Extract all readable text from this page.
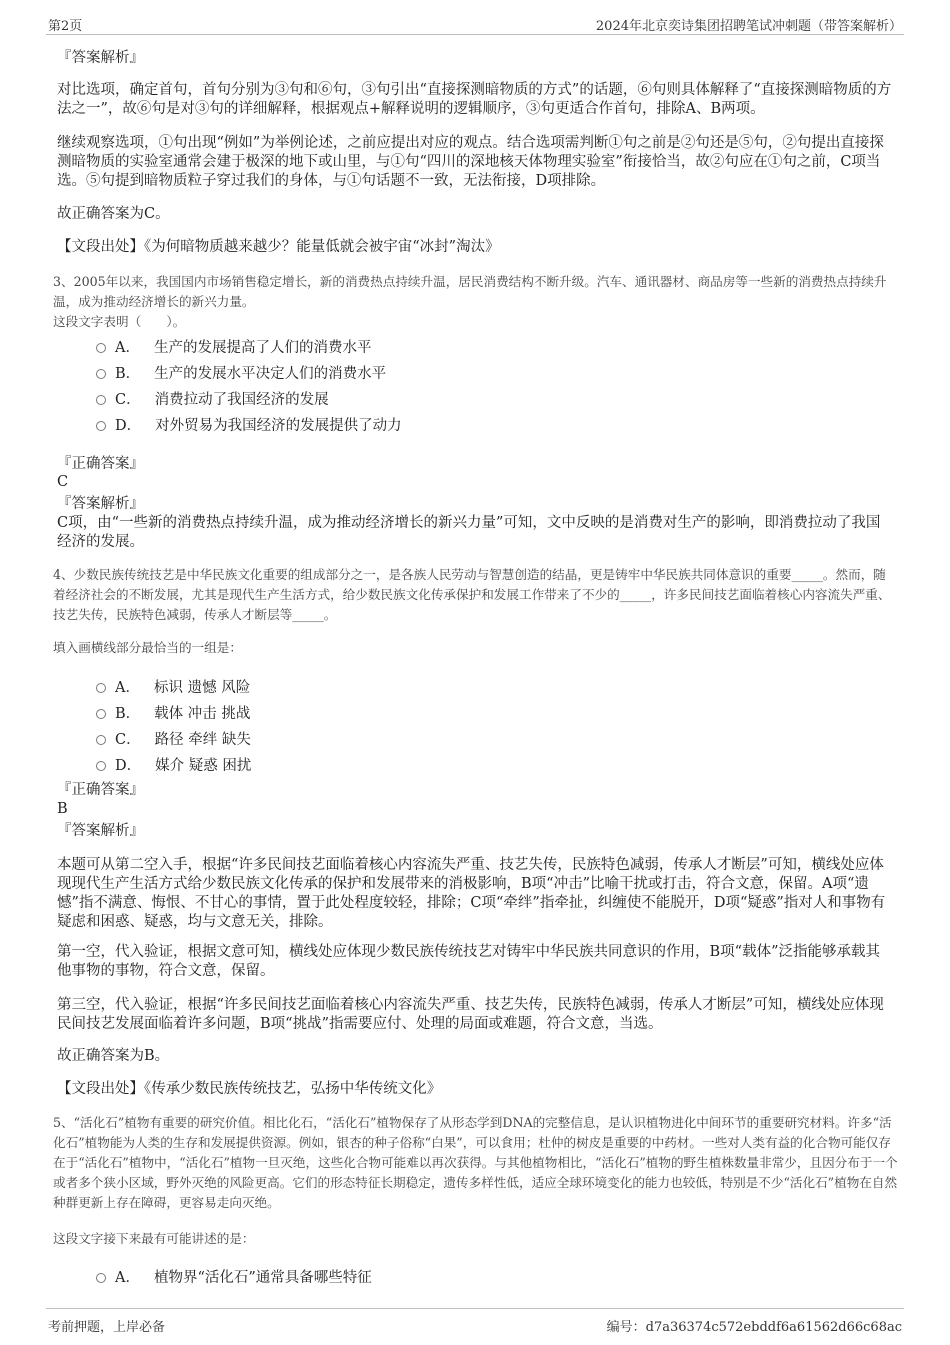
第2页	2024年北京奕诗集团招聘笔试冲刺题（带答案解析）

『答案解析』

对比选项，确定首句，首句分别为③句和⑥句，③句引出“直接探测暗物质的方式”的话题，⑥句则具体解释了“直接探测暗物质的方法之一”，故⑥句是对③句的详细解释，根据观点+解释说明的逻辑顺序，③句更适合作首句，排除A、B两项。

继续观察选项，①句出现“例如”为举例论述，之前应提出对应的观点。结合选项需判断①句之前是②句还是⑤句，②句提出直接探测暗物质的实验室通常会建于极深的地下或山里，与①句“四川的深地核天体物理实验室”衔接恰当，故②句应在①句之前，C项当选。⑤句提到暗物质粒子穿过我们的身体，与①句话题不一致，无法衔接，D项排除。

故正确答案为C。

【文段出处】《为何暗物质越来越少？能量低就会被宇宙“冰封”淘汰》

3、2005年以来，我国国内市场销售稳定增长，新的消费热点持续升温，居民消费结构不断升级。汽车、通讯器材、商品房等一些新的消费热点持续升温，成为推动经济增长的新兴力量。

这段文字表明（　　）。

A． 生产的发展提高了人们的消费水平
B． 生产的发展水平决定人们的消费水平
C． 消费拉动了我国经济的发展
D． 对外贸易为我国经济的发展提供了动力

『正确答案』

C

『答案解析』

C项，由“一些新的消费热点持续升温，成为推动经济增长的新兴力量”可知，文中反映的是消费对生产的影响，即消费拉动了我国经济的发展。

4、少数民族传统技艺是中华民族文化重要的组成部分之一，是各族人民劳动与智慧创造的结晶，更是铸牢中华民族共同体意识的重要_____。然而，随着经济社会的不断发展，尤其是现代生产生活方式，给少数民族文化传承保护和发展工作带来了不少的_____，许多民间技艺面临着核心内容流失严重、技艺失传，民族特色减弱，传承人才断层等_____。

填入画横线部分最恰当的一组是：

A． 标识 遗憾 风险
B． 载体 冲击 挑战
C． 路径 牵绊 缺失
D． 媒介 疑惑 困扰

『正确答案』

B

『答案解析』

本题可从第二空入手，根据“许多民间技艺面临着核心内容流失严重、技艺失传，民族特色减弱，传承人才断层”可知，横线处应体现现代生产生活方式给少数民族文化传承的保护和发展带来的消极影响，B项“冲击”比喻干扰或打击，符合文意，保留。A项“遗憾”指不满意、悔恨、不甘心的事情，置于此处程度较轻，排除；C项“牵绊”指牵扯，纠缠使不能脱开，D项“疑惑”指对人和事物有疑虑和困惑、疑惑，均与文意无关，排除。

第一空，代入验证，根据文意可知，横线处应体现少数民族传统技艺对铸牢中华民族共同意识的作用，B项“载体”泛指能够承载其他事物的事物，符合文意，保留。

第三空，代入验证，根据“许多民间技艺面临着核心内容流失严重、技艺失传，民族特色减弱，传承人才断层”可知，横线处应体现民间技艺发展面临着许多问题，B项“挑战”指需要应付、处理的局面或难题，符合文意，当选。

故正确答案为B。

【文段出处】《传承少数民族传统技艺，弘扬中华传统文化》

5、“活化石”植物有重要的研究价值。相比化石，“活化石”植物保存了从形态学到DNA的完整信息，是认识植物进化中间环节的重要研究材料。许多“活化石”植物能为人类的生存和发展提供资源。例如，银杏的种子俗称“白果”，可以食用；杜仲的树皮是重要的中药材。一些对人类有益的化合物可能仅存在于“活化石”植物中，“活化石”植物一旦灭绝，这些化合物可能难以再次获得。与其他植物相比，“活化石”植物的野生植株数量非常少，且因分布于一个或者多个狭小区域，野外灭绝的风险更高。它们的形态特征长期稳定，遗传多样性低，适应全球环境变化的能力也较低，特别是不少“活化石”植物在自然种群更新上存在障碍，更容易走向灭绝。

这段文字接下来最有可能讲述的是：

A． 植物界“活化石”通常具备哪些特征
考前押题，上岸必备	编号：d7a36374c572ebddf6a61562d66c68ac
